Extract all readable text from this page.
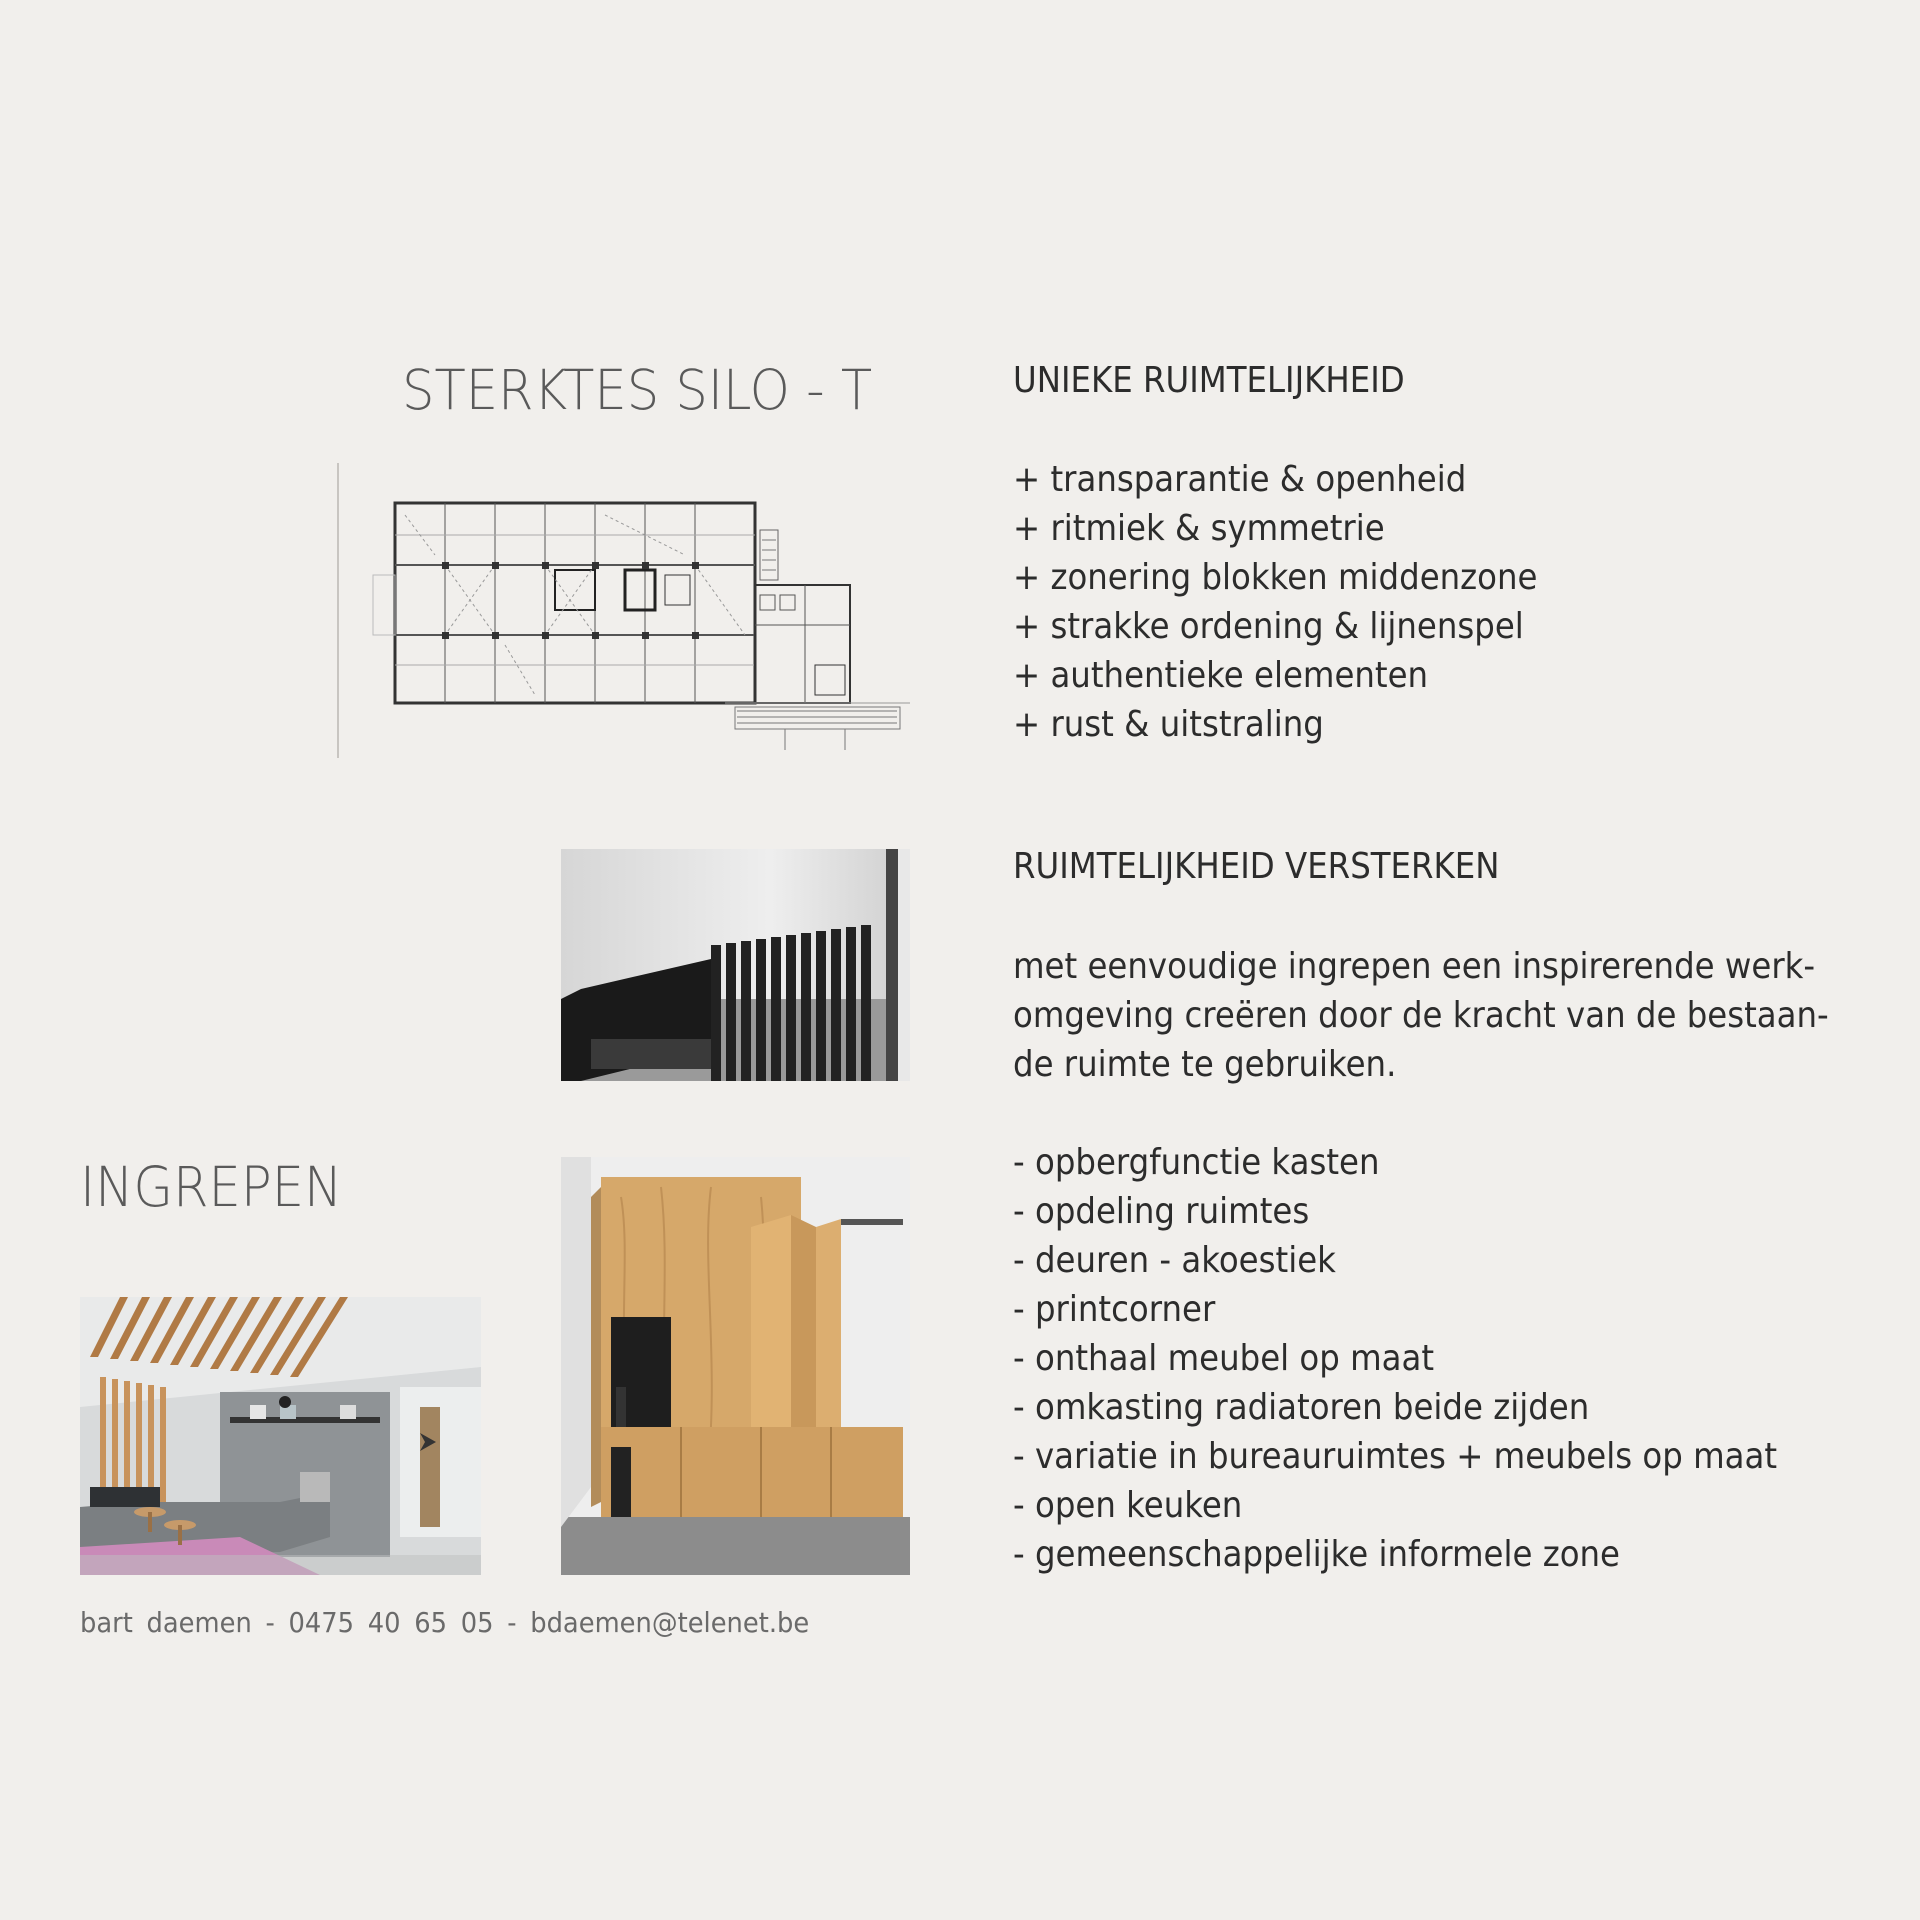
STERKTES SILO - T	UNIEKE RUIMTELIJKHEID
+ transparantie & openheid
+ ritmiek & symmetrie
+ zonering blokken middenzone
+ strakke ordening & lijnenspel
+ authentieke elementen
+ rust & uitstraling
RUIMTELIJKHEID VERSTERKEN
met eenvoudige ingrepen een inspirerende werk-
omgeving creëren door de kracht van de bestaan-
de ruimte te gebruiken.
- opbergfunctie kasten
- opdeling ruimtes
- deuren - akoestiek
- printcorner
- onthaal meubel op maat
- omkasting radiatoren beide zijden
- variatie in bureauruimtes + meubels op maat
- open keuken
- gemeenschappelijke informele zone
INGREPEN
bart daemen - 0475 40 65 05 - bdaemen@telenet.be
